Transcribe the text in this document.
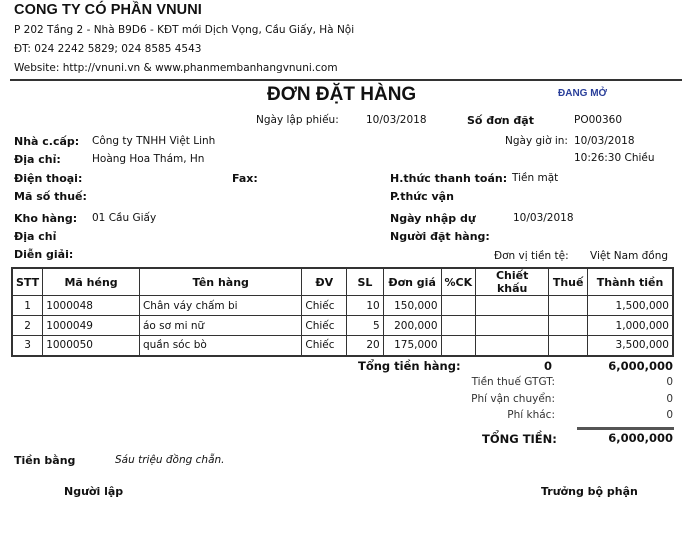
CONG TY CÓ PHẦN VNUNI
P 202 Tầng 2 - Nhà B9D6 - KĐT mới Dịch Vọng, Cầu Giấy, Hà Nội
ĐT: 024 2242 5829; 024 8585 4543
Website: http://vnuni.vn & www.phanmembanhangvnuni.com
ĐƠN ĐẶT HÀNG	ĐANG MỞ
Ngày lập phiếu:	10/03/2018	Số đơn đặt	PO00360
Ngày giờ in: 10/03/2018
10:26:30 Chiều
Nhà c.cấp: Công ty TNHH Việt Linh
Địa chỉ:	Hoàng Hoa Thám, Hn
Điện thoại:	Fax:
Mã số thuế:
Kho hàng: 01 Cầu Giấy
Địa chỉ
Diễn giải:
H.thức thanh toán: Tiền mặt
P.thức vận
Ngày nhập dự	10/03/2018
Người đặt hàng:
Đơn vị tiền tệ: Việt Nam đồng
STT	Mã héng	Tên hàng	ĐV	SL	Đơn giá	%CK	Chiết khấu	Thuế	Thành tiền
1	1000048	Chân váy chấm bi	Chiếc	10	150,000				1,500,000
2	1000049	áo sơ mi nữ	Chiếc	5	200,000				1,000,000
3	1000050	quần sóc bò	Chiếc	20	175,000				3,500,000
Tổng tiền hàng:	0	6,000,000
Tiền thuế GTGT:	0
Phí vận chuyển:	0
Phí khác:	0
TỔNG TIỀN:	6,000,000
Tiền bằng	Sáu triệu đồng chẵn.
Người lập	Trưởng bộ phận
